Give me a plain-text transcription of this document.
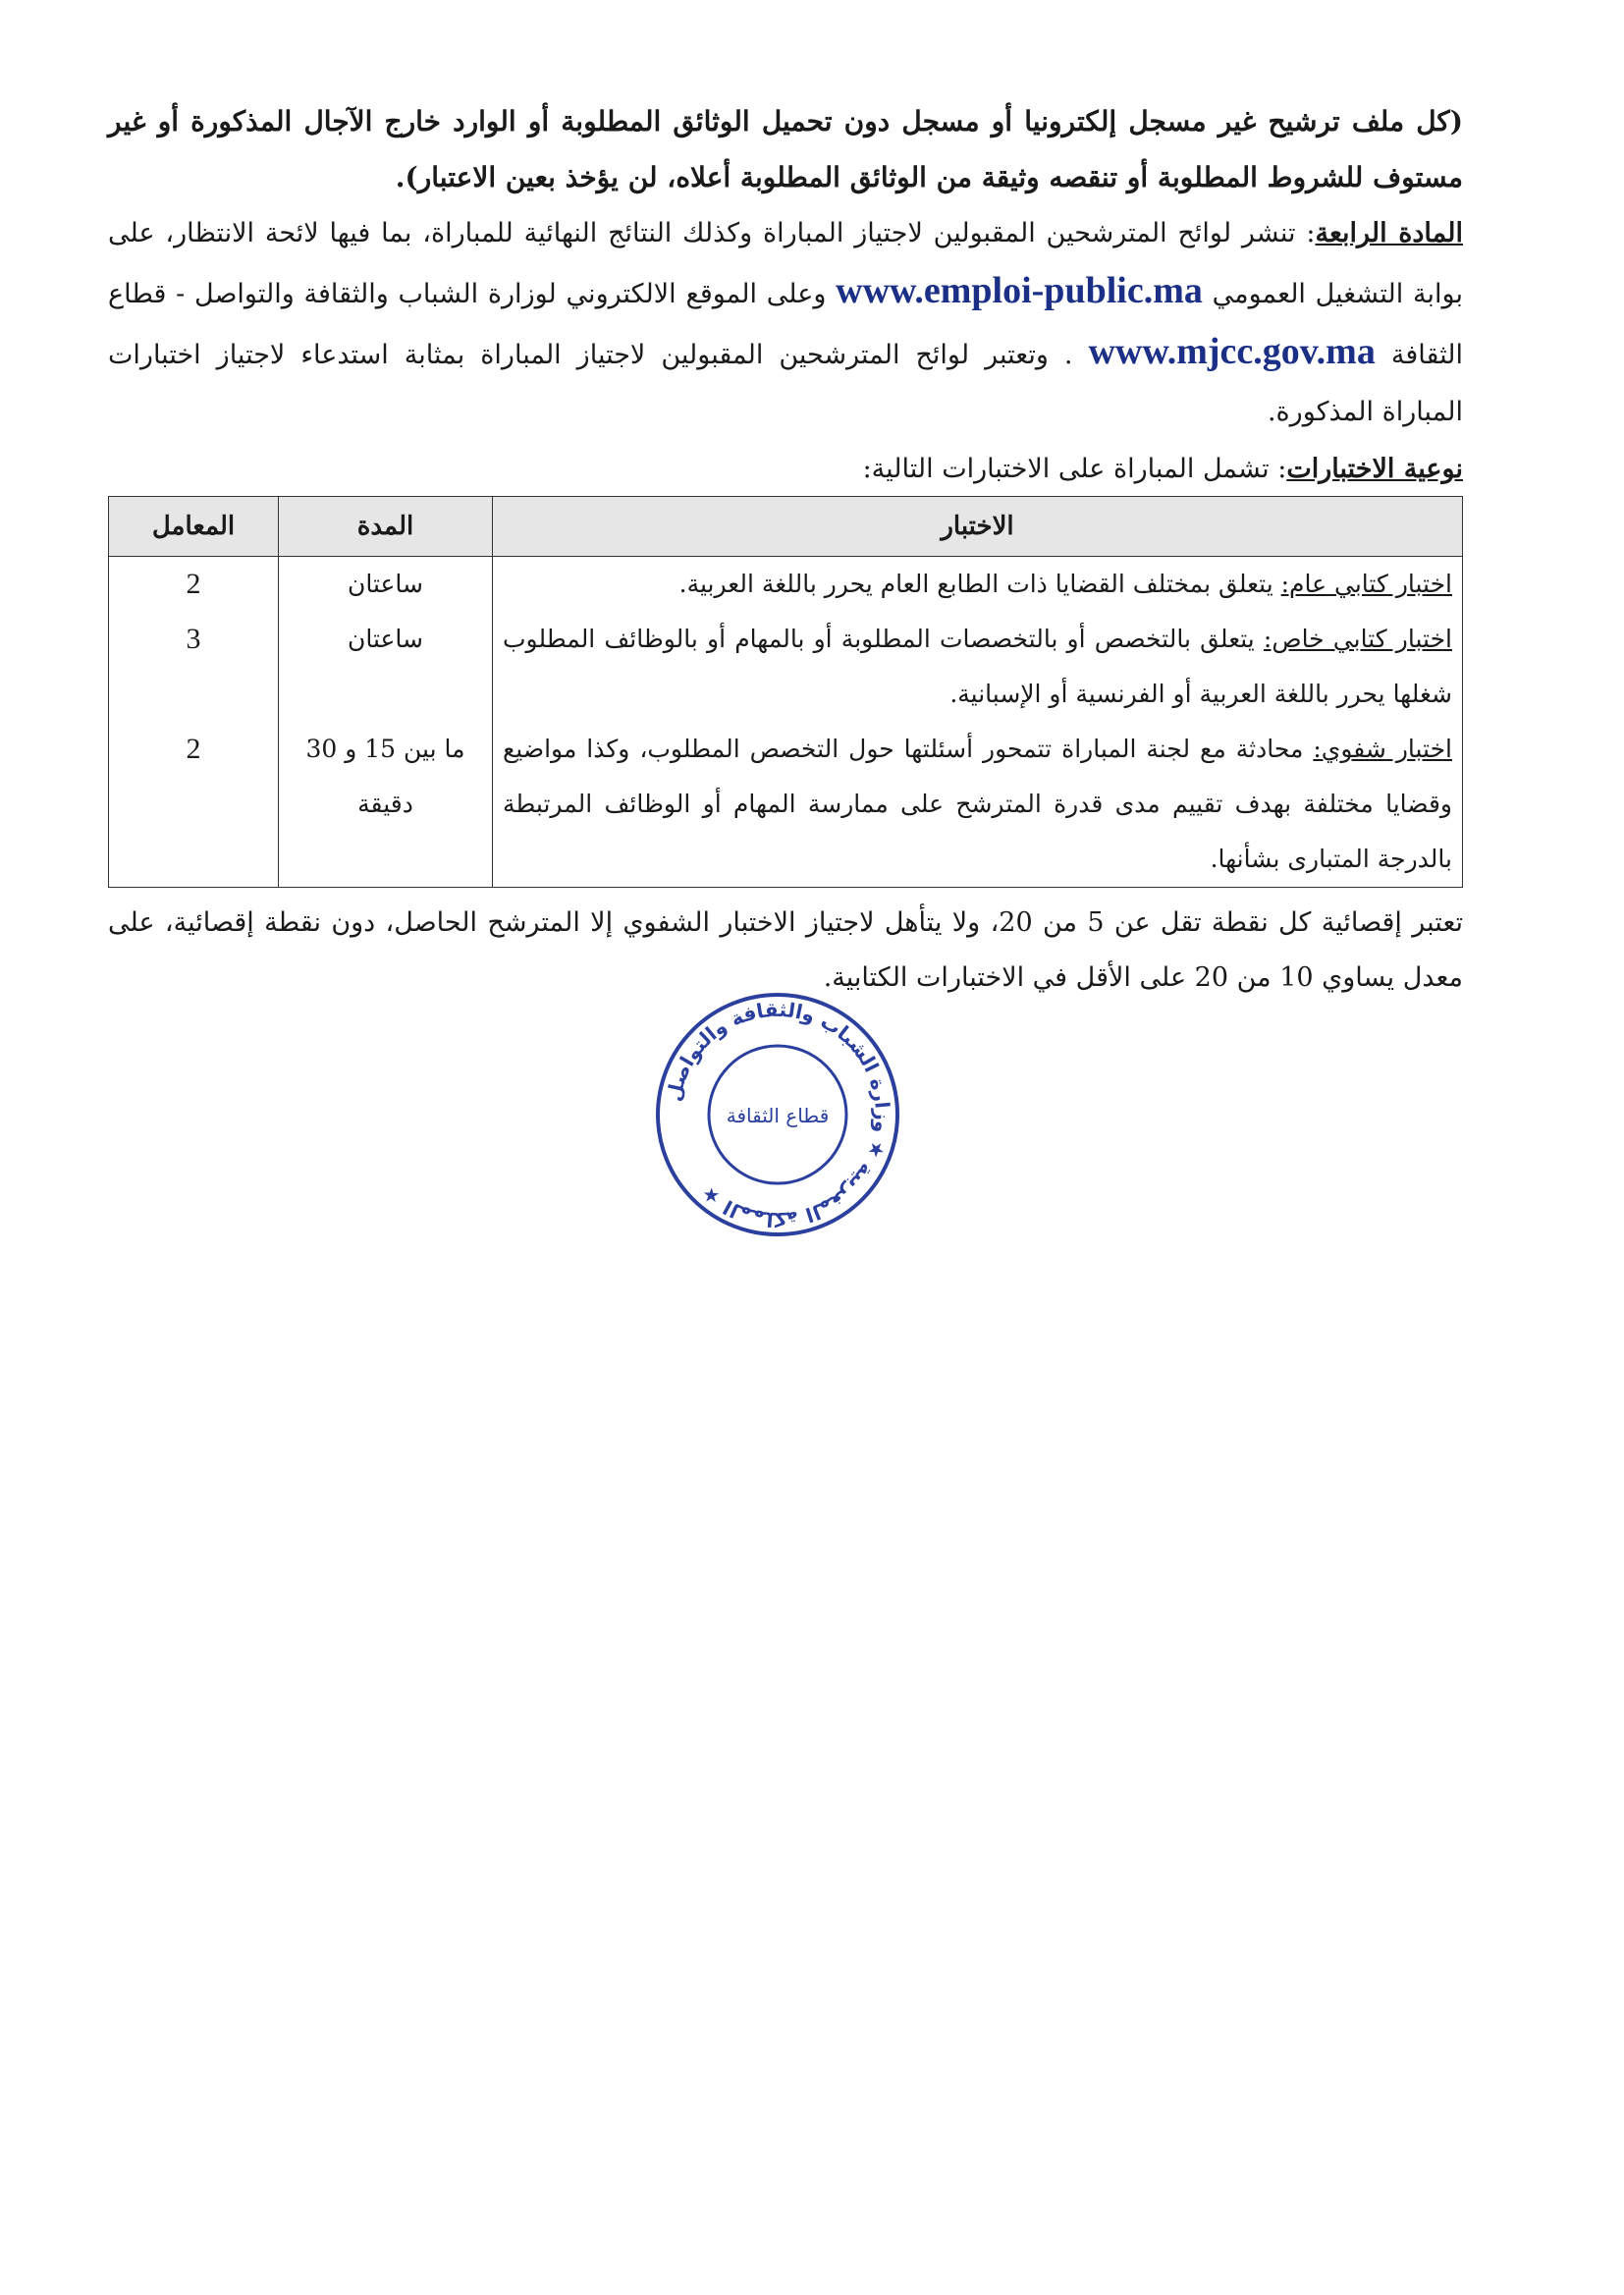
(كل ملف ترشيح غير مسجل إلكترونيا أو مسجل دون تحميل الوثائق المطلوبة أو الوارد خارج الآجال المذكورة أو غير مستوف للشروط المطلوبة أو تنقصه وثيقة من الوثائق المطلوبة أعلاه، لن يؤخذ بعين الاعتبار).

المادة الرابعة: تنشر لوائح المترشحين المقبولين لاجتياز المباراة وكذلك النتائج النهائية للمباراة، بما فيها لائحة الانتظار، على بوابة التشغيل العمومي www.emploi-public.ma وعلى الموقع الالكتروني لوزارة الشباب والثقافة والتواصل - قطاع الثقافة www.mjcc.gov.ma . وتعتبر لوائح المترشحين المقبولين لاجتياز المباراة بمثابة استدعاء لاجتياز اختبارات المباراة المذكورة.

نوعية الاختبارات: تشمل المباراة على الاختبارات التالية:

الاختبار	المدة	المعامل
اختبار كتابي عام: يتعلق بمختلف القضايا ذات الطابع العام يحرر باللغة العربية.	ساعتان	2
اختبار كتابي خاص: يتعلق بالتخصص أو بالتخصصات المطلوبة أو بالمهام أو بالوظائف المطلوب شغلها يحرر باللغة العربية أو الفرنسية أو الإسبانية.	ساعتان	3
اختبار شفوي: محادثة مع لجنة المباراة تتمحور أسئلتها حول التخصص المطلوب، وكذا مواضيع وقضايا مختلفة بهدف تقييم مدى قدرة المترشح على ممارسة المهام أو الوظائف المرتبطة بالدرجة المتبارى بشأنها.	ما بين 15 و 30 دقيقة	2

تعتبر إقصائية كل نقطة تقل عن 5 من 20، ولا يتأهل لاجتياز الاختبار الشفوي إلا المترشح الحاصل، دون نقطة إقصائية، على معدل يساوي 10 من 20 على الأقل في الاختبارات الكتابية.

المملكة المغربية ★ وزارة الشباب والثقافة والتواصل ★
قطاع الثقافة
